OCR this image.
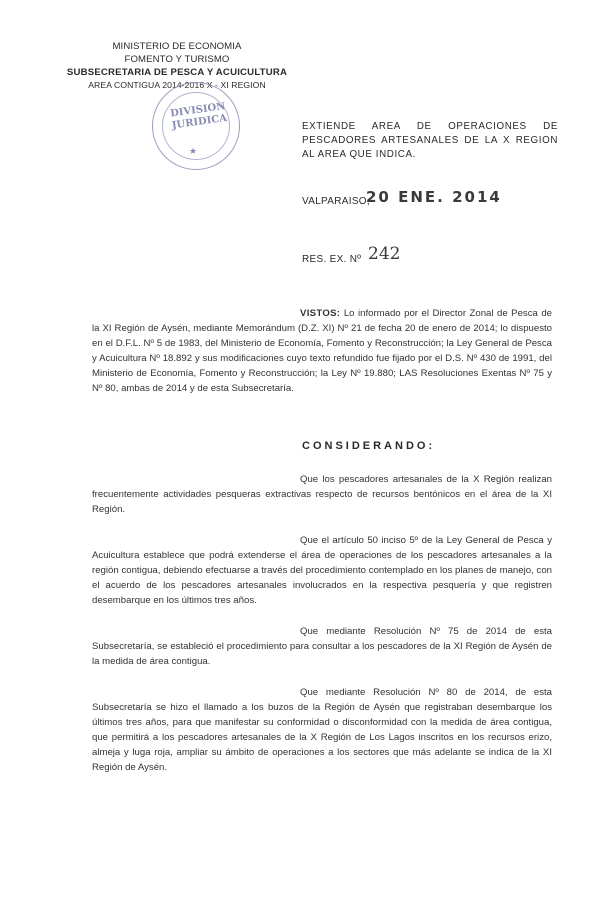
MINISTERIO DE ECONOMIA
FOMENTO Y TURISMO
SUBSECRETARIA DE PESCA Y ACUICULTURA
AREA CONTIGUA 2014-2016 X - XI REGION
DIVISION JURIDICA
★
EXTIENDE AREA DE OPERACIONES DE PESCADORES ARTESANALES DE LA X REGION AL AREA QUE INDICA.
VALPARAISO,
20 ENE. 2014
RES. EX. Nº 242
VISTOS: Lo informado por el Director Zonal de Pesca de la XI Región de Aysén, mediante Memorándum (D.Z. XI) Nº 21 de fecha 20 de enero de 2014; lo dispuesto en el D.F.L. Nº 5 de 1983, del Ministerio de Economía, Fomento y Reconstrucción; la Ley General de Pesca y Acuicultura Nº 18.892 y sus modificaciones cuyo texto refundido fue fijado por el D.S. Nº 430 de 1991, del Ministerio de Economía, Fomento y Reconstrucción; la Ley Nº 19.880; LAS Resoluciones Exentas Nº 75 y Nº 80, ambas de 2014 y de esta Subsecretaría.
CONSIDERANDO:
Que los pescadores artesanales de la X Región realizan frecuentemente actividades pesqueras extractivas respecto de recursos bentónicos en el área de la XI Región.
Que el artículo 50 inciso 5º de la Ley General de Pesca y Acuicultura establece que podrá extenderse el área de operaciones de los pescadores artesanales a la región contigua, debiendo efectuarse a través del procedimiento contemplado en los planes de manejo, con el acuerdo de los pescadores artesanales involucrados en la respectiva pesquería y que registren desembarque en los últimos tres años.
Que mediante Resolución Nº 75 de 2014 de esta Subsecretaría, se estableció el procedimiento para consultar a los pescadores de la XI Región de Aysén de la medida de área contigua.
Que mediante Resolución Nº 80 de 2014, de esta Subsecretaría se hizo el llamado a los buzos de la Región de Aysén que registraban desembarque los últimos tres años, para que manifestar su conformidad o disconformidad con la medida de área contigua, que permitirá a los pescadores artesanales de la X Región de Los Lagos inscritos en los recursos erizo, almeja y luga roja, ampliar su ámbito de operaciones a los sectores que más adelante se indica de la XI Región de Aysén.
